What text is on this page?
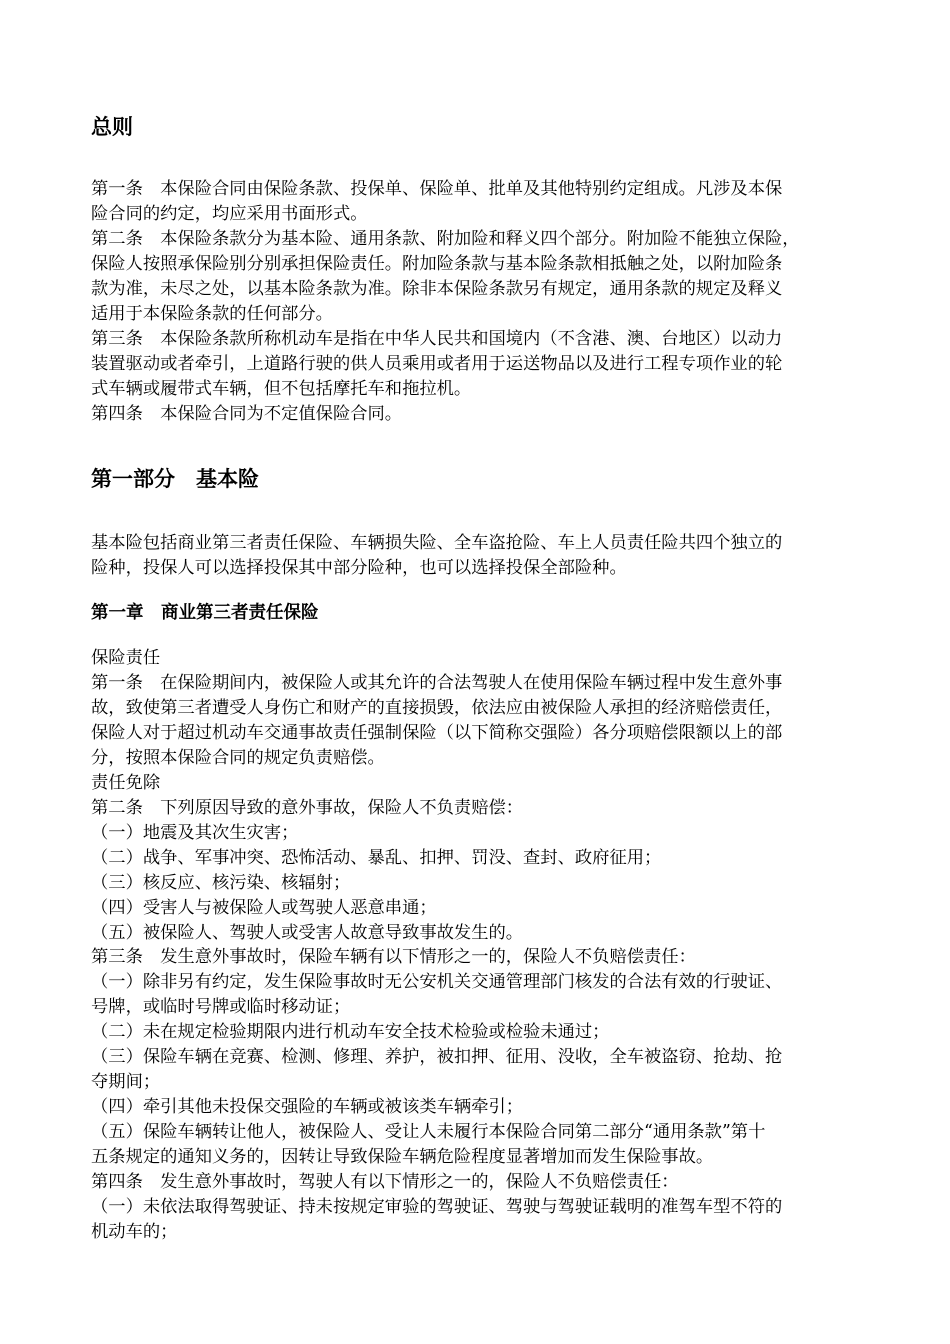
总则
第一条　本保险合同由保险条款、投保单、保险单、批单及其他特别约定组成。凡涉及本保
险合同的约定，均应采用书面形式。
第二条　本保险条款分为基本险、通用条款、附加险和释义四个部分。附加险不能独立保险，
保险人按照承保险别分别承担保险责任。附加险条款与基本险条款相抵触之处，以附加险条
款为准，未尽之处，以基本险条款为准。除非本保险条款另有规定，通用条款的规定及释义
适用于本保险条款的任何部分。
第三条　本保险条款所称机动车是指在中华人民共和国境内（不含港、澳、台地区）以动力
装置驱动或者牵引，上道路行驶的供人员乘用或者用于运送物品以及进行工程专项作业的轮
式车辆或履带式车辆，但不包括摩托车和拖拉机。
第四条　本保险合同为不定值保险合同。
第一部分　基本险
基本险包括商业第三者责任保险、车辆损失险、全车盗抢险、车上人员责任险共四个独立的
险种，投保人可以选择投保其中部分险种，也可以选择投保全部险种。
第一章　商业第三者责任保险
保险责任
第一条　在保险期间内，被保险人或其允许的合法驾驶人在使用保险车辆过程中发生意外事
故，致使第三者遭受人身伤亡和财产的直接损毁，依法应由被保险人承担的经济赔偿责任，
保险人对于超过机动车交通事故责任强制保险（以下简称交强险）各分项赔偿限额以上的部
分，按照本保险合同的规定负责赔偿。
责任免除
第二条　下列原因导致的意外事故，保险人不负责赔偿：
（一）地震及其次生灾害；
（二）战争、军事冲突、恐怖活动、暴乱、扣押、罚没、查封、政府征用；
（三）核反应、核污染、核辐射；
（四）受害人与被保险人或驾驶人恶意串通；
（五）被保险人、驾驶人或受害人故意导致事故发生的。
第三条　发生意外事故时，保险车辆有以下情形之一的，保险人不负赔偿责任：
（一）除非另有约定，发生保险事故时无公安机关交通管理部门核发的合法有效的行驶证、
号牌，或临时号牌或临时移动证；
（二）未在规定检验期限内进行机动车安全技术检验或检验未通过；
（三）保险车辆在竞赛、检测、修理、养护，被扣押、征用、没收，全车被盗窃、抢劫、抢
夺期间；
（四）牵引其他未投保交强险的车辆或被该类车辆牵引；
（五）保险车辆转让他人，被保险人、受让人未履行本保险合同第二部分“通用条款”第十
五条规定的通知义务的，因转让导致保险车辆危险程度显著增加而发生保险事故。
第四条　发生意外事故时，驾驶人有以下情形之一的，保险人不负赔偿责任：
（一）未依法取得驾驶证、持未按规定审验的驾驶证、驾驶与驾驶证载明的准驾车型不符的
机动车的；
